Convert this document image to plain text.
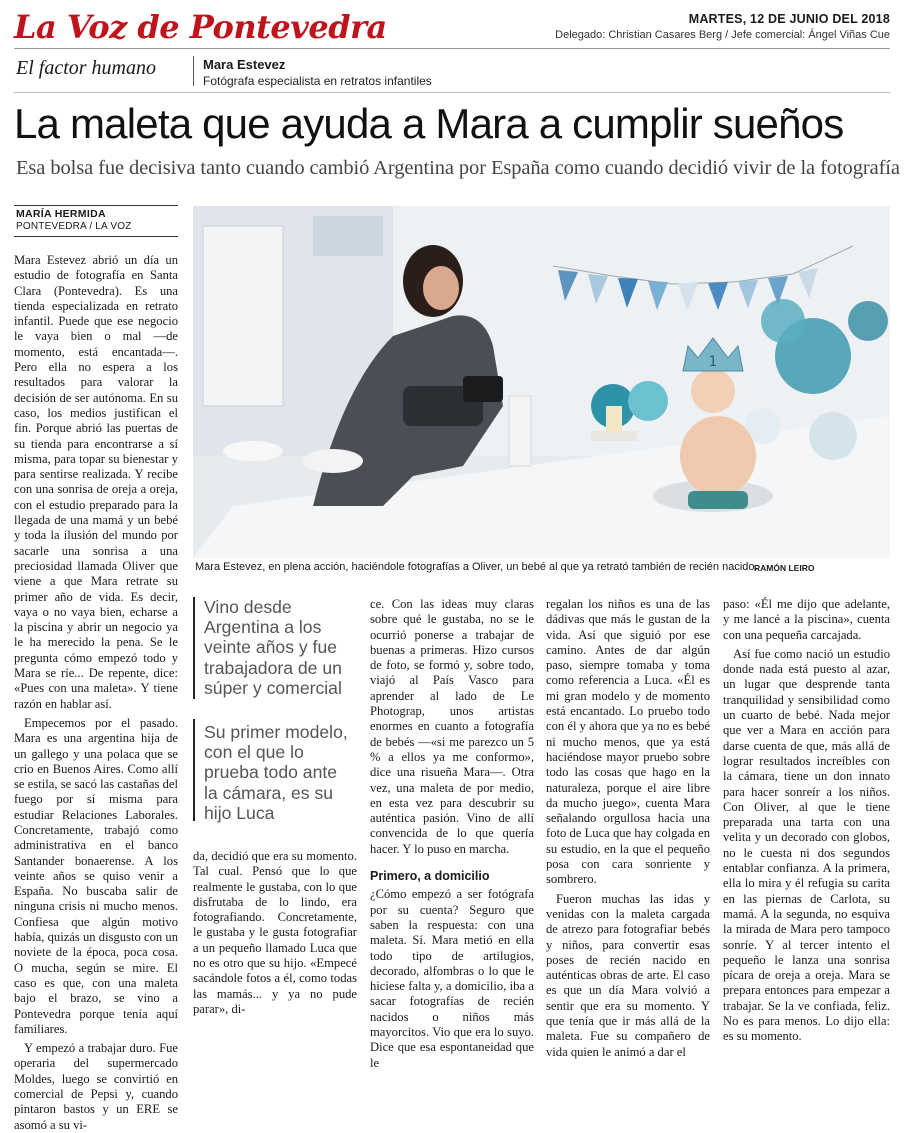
La Voz de Pontevedra	MARTES, 12 DE JUNIO DEL 2018
Delegado: Christian Casares Berg / Jefe comercial: Ángel Viñas Cue
El factor humano	Mara Estevez
Fotógrafa especialista en retratos infantiles
La maleta que ayuda a Mara a cumplir sueños
Esa bolsa fue decisiva tanto cuando cambió Argentina por España como cuando decidió vivir de la fotografía
MARÍA HERMIDA
PONTEVEDRA / LA VOZ

Mara Estevez abrió un día un estudio de fotografía en Santa Clara (Pontevedra). Es una tienda especializada en retrato infantil. Puede que ese negocio le vaya bien o mal —de momento, está encantada—. Pero ella no espera a los resultados para valorar la decisión de ser autónoma. En su caso, los medios justifican el fin. Porque abrió las puertas de su tienda para encontrarse a sí misma, para topar su bienestar y para sentirse realizada. Y recibe con una sonrisa de oreja a oreja, con el estudio preparado para la llegada de una mamá y un bebé y toda la ilusión del mundo por sacarle una sonrisa a una preciosidad llamada Oliver que viene a que Mara retrate su primer año de vida. Es decir, vaya o no vaya bien, echarse a la piscina y abrir un negocio ya le ha merecido la pena. Se le pregunta cómo empezó todo y Mara se ríe... De repente, dice: «Pues con una maleta». Y tiene razón en hablar así.

Empecemos por el pasado. Mara es una argentina hija de un gallego y una polaca que se crio en Buenos Aires. Como allí se estila, se sacó las castañas del fuego por sí misma para estudiar Relaciones Laborales. Concretamente, trabajó como administrativa en el banco Santander bonaerense. A los veinte años se quiso venir a España. No buscaba salir de ninguna crisis ni mucho menos. Confiesa que algún motivo había, quizás un disgusto con un noviete de la época, poca cosa. O mucha, según se mire. El caso es que, con una maleta bajo el brazo, se vino a Pontevedra porque tenía aquí familiares.

Y empezó a trabajar duro. Fue operaria del supermercado Moldes, luego se convirtió en comercial de Pepsi y, cuando pintaron bastos y un ERE se asomó a su vi-

1
Mara Estevez, en plena acción, haciéndole fotografías a Oliver, un bebé al que ya retrató también de recién nacido.
RAMÓN LEIRO
Vino desde Argentina a los veinte años y fue trabajadora de un súper y comercial
Su primer modelo, con el que lo prueba todo ante la cámara, es su hijo Luca

da, decidió que era su momento. Tal cual. Pensó que lo que realmente le gustaba, con lo que disfrutaba de lo lindo, era fotografiando. Concretamente, le gustaba y le gusta fotografiar a un pequeño llamado Luca que no es otro que su hijo. «Empecé sacándole fotos a él, como todas las mamás... y ya no pude parar», di-

ce. Con las ideas muy claras sobre qué le gustaba, no se le ocurrió ponerse a trabajar de buenas a primeras. Hizo cursos de foto, se formó y, sobre todo, viajó al País Vasco para aprender al lado de Le Photograp, unos artistas enormes en cuanto a fotografía de bebés —«si me parezco un 5 % a ellos ya me conformo», dice una risueña Mara—. Otra vez, una maleta de por medio, en esta vez para descubrir su auténtica pasión. Vino de allí convencida de lo que quería hacer. Y lo puso en marcha.

Primero, a domicilio

¿Cómo empezó a ser fotógrafa por su cuenta? Seguro que saben la respuesta: con una maleta. Sí. Mara metió en ella todo tipo de artilugios, decorado, alfombras o lo que le hiciese falta y, a domicilio, iba a sacar fotografías de recién nacidos o niños más mayorcitos. Vio que era lo suyo. Dice que esa espontaneidad que le

regalan los niños es una de las dádivas que más le gustan de la vida. Así que siguió por ese camino. Antes de dar algún paso, siempre tomaba y toma como referencia a Luca. «Él es mi gran modelo y de momento está encantado. Lo pruebo todo con él y ahora que ya no es bebé ni mucho menos, que ya está haciéndose mayor pruebo sobre todo las cosas que hago en la naturaleza, porque el aire libre da mucho juego», cuenta Mara señalando orgullosa hacia una foto de Luca que hay colgada en su estudio, en la que el pequeño posa con cara sonriente y sombrero.

Fueron muchas las idas y venidas con la maleta cargada de atrezo para fotografiar bebés y niños, para convertir esas poses de recién nacido en auténticas obras de arte. El caso es que un día Mara volvió a sentir que era su momento. Y que tenía que ir más allá de la maleta. Fue su compañero de vida quien le animó a dar el

paso: «Él me dijo que adelante, y me lancé a la piscina», cuenta con una pequeña carcajada.

Así fue como nació un estudio donde nada está puesto al azar, un lugar que desprende tanta tranquilidad y sensibilidad como un cuarto de bebé. Nada mejor que ver a Mara en acción para darse cuenta de que, más allá de lograr resultados increíbles con la cámara, tiene un don innato para hacer sonreír a los niños. Con Oliver, al que le tiene preparada una tarta con una velita y un decorado con globos, no le cuesta ni dos segundos entablar confianza. A la primera, ella lo mira y él refugia su carita en las piernas de Carlota, su mamá. A la segunda, no esquiva la mirada de Mara pero tampoco sonríe. Y al tercer intento el pequeño le lanza una sonrisa pícara de oreja a oreja. Mara se prepara entonces para empezar a trabajar. Se la ve confiada, feliz. No es para menos. Lo dijo ella: es su momento.
